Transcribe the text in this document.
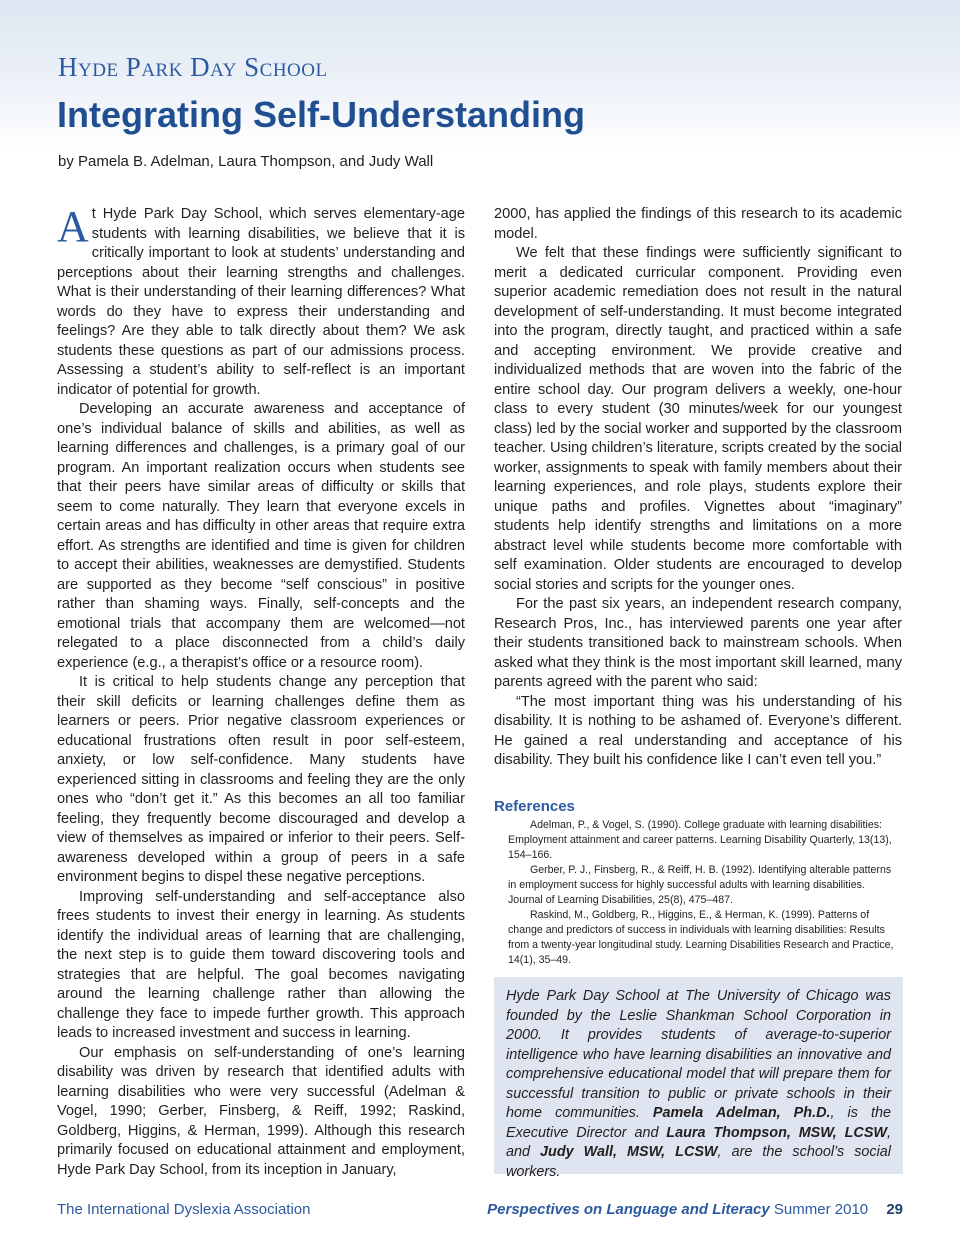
Hyde Park Day School
Integrating Self-Understanding
by Pamela B. Adelman, Laura Thompson, and Judy Wall

At Hyde Park Day School, which serves elementary-age students with learning disabilities, we believe that it is critically important to look at students’ understanding and perceptions about their learning strengths and challenges. What is their understanding of their learning differences? What words do they have to express their understanding and feelings? Are they able to talk directly about them? We ask students these questions as part of our admissions process. Assessing a student’s ability to self-reflect is an important indicator of potential for growth.

Developing an accurate awareness and acceptance of one’s individual balance of skills and abilities, as well as learning differences and challenges, is a primary goal of our program. An important realization occurs when students see that their peers have similar areas of difficulty or skills that seem to come naturally. They learn that everyone excels in certain areas and has difficulty in other areas that require extra effort. As strengths are identified and time is given for children to accept their abilities, weaknesses are demystified. Students are supported as they become “self conscious” in positive rather than shaming ways. Finally, self-concepts and the emotional trials that accompany them are welcomed—not relegated to a place disconnected from a child’s daily experience (e.g., a therapist’s office or a resource room).

It is critical to help students change any perception that their skill deficits or learning challenges define them as learners or peers. Prior negative classroom experiences or educational frustrations often result in poor self-esteem, anxiety, or low self-confidence. Many students have experienced sitting in classrooms and feeling they are the only ones who “don’t get it.” As this becomes an all too familiar feeling, they frequently become discouraged and develop a view of themselves as impaired or inferior to their peers. Self-awareness developed within a group of peers in a safe environment begins to dispel these negative perceptions.

Improving self-understanding and self-acceptance also frees students to invest their energy in learning. As students identify the individual areas of learning that are challenging, the next step is to guide them toward discovering tools and strategies that are helpful. The goal becomes navigating around the learning challenge rather than allowing the challenge they face to impede further growth. This approach leads to increased investment and success in learning.

Our emphasis on self-understanding of one’s learning disability was driven by research that identified adults with learning disabilities who were very successful (Adelman & Vogel, 1990; Gerber, Finsberg, & Reiff, 1992; Raskind, Goldberg, Higgins, & Herman, 1999). Although this research primarily focused on educational attainment and employment, Hyde Park Day School, from its inception in January,

2000, has applied the findings of this research to its academic model.

We felt that these findings were sufficiently significant to merit a dedicated curricular component. Providing even superior academic remediation does not result in the natural development of self-understanding. It must become integrated into the program, directly taught, and practiced within a safe and accepting environment. We provide creative and individualized methods that are woven into the fabric of the entire school day. Our program delivers a weekly, one-hour class to every student (30 minutes/week for our youngest class) led by the social worker and supported by the classroom teacher. Using children’s literature, scripts created by the social worker, assignments to speak with family members about their learning experiences, and role plays, students explore their unique paths and profiles. Vignettes about “imaginary” students help identify strengths and limitations on a more abstract level while students become more comfortable with self examination. Older students are encouraged to develop social stories and scripts for the younger ones.

For the past six years, an independent research company, Research Pros, Inc., has interviewed parents one year after their students transitioned back to mainstream schools. When asked what they think is the most important skill learned, many parents agreed with the parent who said:

“The most important thing was his understanding of his disability. It is nothing to be ashamed of. Everyone’s different. He gained a real understanding and acceptance of his disability. They built his confidence like I can’t even tell you.”

References

Adelman, P., & Vogel, S. (1990). College graduate with learning disabilities: Employment attainment and career patterns. Learning Disability Quarterly, 13(13), 154–166.

Gerber, P. J., Finsberg, R., & Reiff, H. B. (1992). Identifying alterable patterns in employment success for highly successful adults with learning disabilities. Journal of Learning Disabilities, 25(8), 475–487.

Raskind, M., Goldberg, R., Higgins, E., & Herman, K. (1999). Patterns of change and predictors of success in individuals with learning disabilities: Results from a twenty-year longitudinal study. Learning Disabilities Research and Practice, 14(1), 35–49.

Hyde Park Day School at The University of Chicago was founded by the Leslie Shankman School Corporation in 2000. It provides students of average-to-superior intelligence who have learning disabilities an innovative and comprehensive educational model that will prepare them for successful transition to public or private schools in their home communities. Pamela Adelman, Ph.D., is the Executive Director and Laura Thompson, MSW, LCSW, and Judy Wall, MSW, LCSW, are the school’s social workers.
The International Dyslexia Association	Perspectives on Language and Literacy Summer 2010 29
